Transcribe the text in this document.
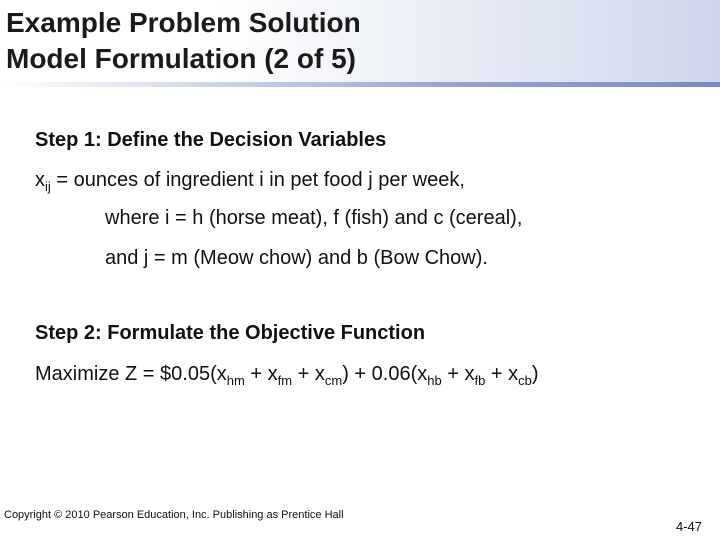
Example Problem Solution
Model Formulation (2 of 5)
Step 1: Define the Decision Variables
$x_{ij}$ = ounces of ingredient i in pet food j per week,
where i = h (horse meat), f (fish) and c (cereal),
and j = m (Meow chow) and b (Bow Chow).
Step 2: Formulate the Objective Function
Maximize $Z = \$0.05(x_{hm} + x_{fm} + x_{cm}) + 0.06(x_{hb} + x_{fb} + x_{cb})$
Copyright © 2010 Pearson Education, Inc. Publishing as Prentice Hall
4-47
